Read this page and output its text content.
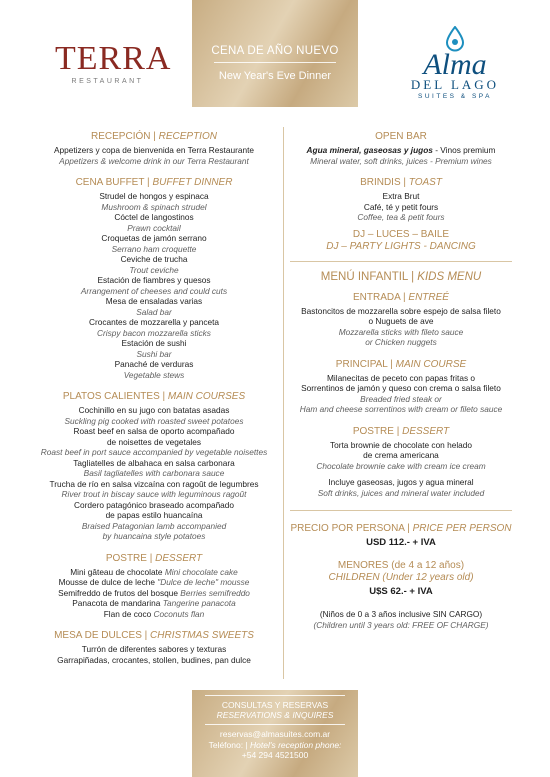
CENA DE AÑO NUEVO
New Year's Eve Dinner
TERRA
RESTAURANT
Alma
DEL LAGO
SUITES & SPA
RECEPCIÓN | RECEPTION
Appetizers y copa de bienvenida en Terra Restaurante
Appetizers & welcome drink in our Terra Restaurant
CENA BUFFET | BUFFET DINNER
Strudel de hongos y espinaca
Mushroom & spinach strudel
Cóctel de langostinos
Prawn cocktail
Croquetas de jamón serrano
Serrano ham croquette
Ceviche de trucha
Trout ceviche
Estación de fiambres y quesos
Arrangement of cheeses and could cuts
Mesa de ensaladas varias
Salad bar
Crocantes de mozzarella y panceta
Crispy bacon mozzarella sticks
Estación de sushi
Sushi bar
Panaché de verduras
Vegetable stews
PLATOS CALIENTES | MAIN COURSES
Cochinillo en su jugo con batatas asadas
Suckling pig cooked with roasted sweet potatoes
Roast beef en salsa de oporto acompañado
de noisettes de vegetales
Roast beef in port sauce accompanied by vegetable noisettes
Tagliatelles de albahaca en salsa carbonara
Basil tagliatelles with carbonara sauce
Trucha de río en salsa vizcaína con ragoût de legumbres
River trout in biscay sauce with leguminous ragoût
Cordero patagónico braseado acompañado
de papas estilo huancaína
Braised Patagonian lamb accompanied
by huancaina style potatoes
POSTRE | DESSERT
Mini gâteau de chocolate Mini chocolate cake
Mousse de dulce de leche "Dulce de leche" mousse
Semifreddo de frutos del bosque Berries semifreddo
Panacota de mandarina Tangerine panacota
Flan de coco Coconuts flan
MESA DE DULCES | CHRISTMAS SWEETS
Turrón de diferentes sabores y texturas
Garrapiñadas, crocantes, stollen, budines, pan dulce
OPEN BAR
Agua mineral, gaseosas y jugos - Vinos premium
Mineral water, soft drinks, juices - Premium wines
BRINDIS | TOAST
Extra Brut
Café, té y petit fours
Coffee, tea & petit fours
DJ – LUCES – BAILE
DJ – PARTY LIGHTS - DANCING
MENÚ INFANTIL | KIDS MENU
ENTRADA | ENTREÉ
Bastoncitos de mozzarella sobre espejo de salsa fileto
o Nuguets de ave
Mozzarella sticks with fileto sauce
or Chicken nuggets
PRINCIPAL | MAIN COURSE
Milanecitas de peceto con papas fritas o
Sorrentinos de jamón y queso con crema o salsa fileto
Breaded fried steak or
Ham and cheese sorrentinos with cream or fileto sauce
POSTRE | DESSERT
Torta brownie de chocolate con helado
de crema americana
Chocolate brownie cake with cream ice cream
Incluye gaseosas, jugos y agua mineral
Soft drinks, juices and mineral water included
PRECIO POR PERSONA | PRICE PER PERSON
USD 112.- + IVA
MENORES (de 4 a 12 años)
CHILDREN (Under 12 years old)
U$S 62.- + IVA
(Niños de 0 a 3 años inclusive SIN CARGO)
(Children until 3 years old: FREE OF CHARGE)
CONSULTAS Y RESERVAS
RESERVATIONS & INQUIRES
reservas@almasuites.com.ar
Teléfono: | Hotel's reception phone:
+54 294 4521500
